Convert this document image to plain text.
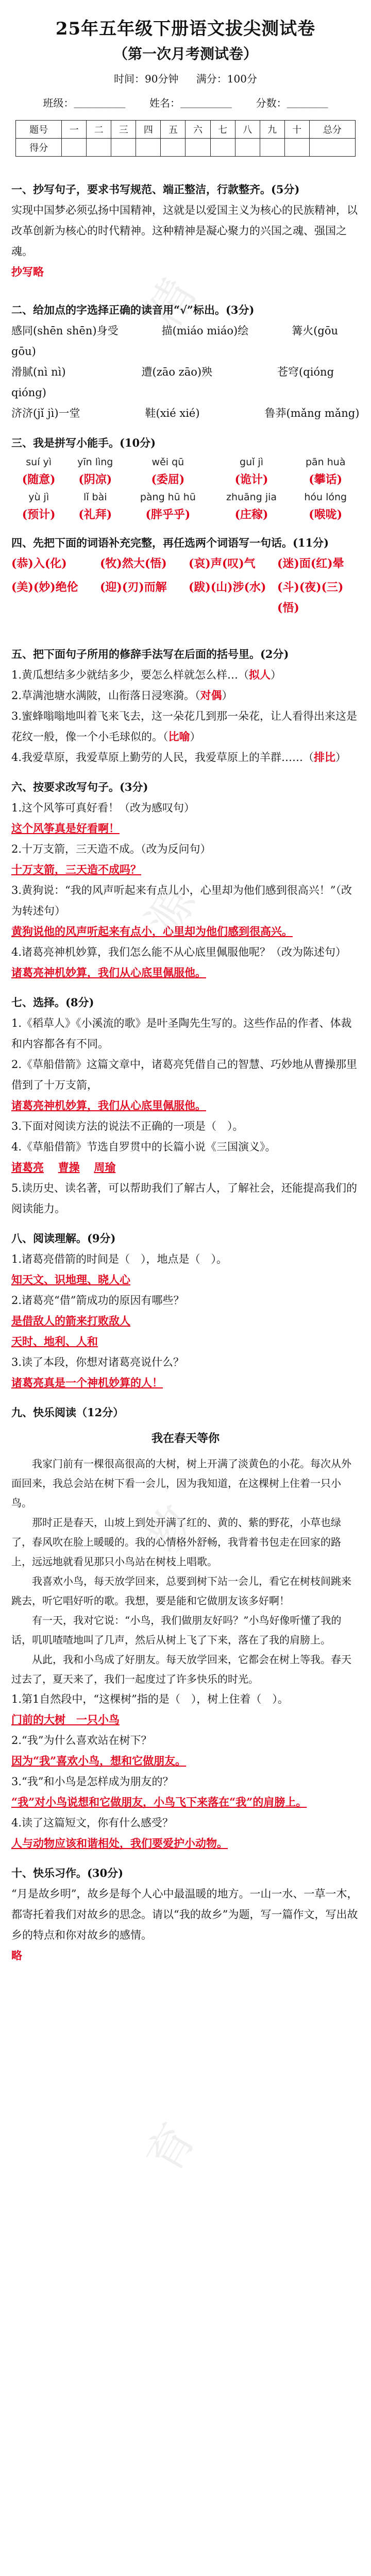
精
源
教
育
25年五年级下册语文拔尖测试卷
（第一次月考测试卷）
时间：90分钟 满分：100分
班级：＿＿＿＿＿ 姓名：＿＿＿＿＿ 分数：＿＿＿＿
题号	一	二	三	四	五	六	七	八	九	十	总分
得分											
一、抄写句子，要求书写规范、端正整洁，行款整齐。(5分)

实现中国梦必须弘扬中国精神，这就是以爱国主义为核心的民族精神，以改革创新为核心的时代精神。这种精神是凝心聚力的兴国之魂、强国之魂。

抄写略

二、给加点的字选择正确的读音用“√”标出。(3分)

感同(shēn shēn)身受　　　　描(miáo miáo)绘　　　　篝火(gōu gōu)

滑腻(nì nì)　　　　　　　遭(zāo zāo)殃　　　　　　苍穹(qióng qióng)

济济(jǐ jì)一堂　　　　　　鞋(xié xié)　　　　　　鲁莽(mǎng mǎng)

三、我是拼写小能手。(10分)
suí yì	yīn lìng	wěi qū	guǐ jì	pān huà
(随意)	(阴凉)	(委屈)	(诡计)	(攀话)
yù jì	lǐ bài	pàng hū hū	zhuāng jia	hóu lóng
(预计)	(礼拜)	(胖乎乎)	(庄稼)	(喉咙)
四、先把下面的词语补充完整，再任选两个词语写一句话。(11分)
(恭)入(化)	(牧)然大(悟)	(哀)声(叹)气	(迷)面(红)晕
(美)(妙)绝伦	(迎)(刃)而解	(跋)(山)涉(水) (斗)(夜)(三)(悟)
五、把下面句子所用的修辞手法写在后面的括号里。(2分)

1.黄瓜想结多少就结多少，要怎么样就怎么样…（拟人）

2.草满池塘水满陂，山衔落日浸寒漪。（对偶）

3.蜜蜂嗡嗡地叫着飞来飞去，这一朵花几到那一朵花，让人看得出来这是花纹一般，像一个小毛球似的。（比喻）

4.我爱草原，我爱草原上勤劳的人民，我爱草原上的羊群……（排比）

六、按要求改写句子。(3分)

1.这个风筝可真好看！（改为感叹句）

这个风筝真是好看啊！

2.十万支箭，三天造不成。（改为反问句）

十万支箭，三天造不成吗？

3.黄狗说：“我的风声听起来有点儿小，心里却为他们感到很高兴！”（改为转述句）

黄狗说他的风声听起来有点小，心里却为他们感到很高兴。

4.诸葛亮神机妙算，我们怎么能不从心底里佩服他呢？（改为陈述句）

诸葛亮神机妙算，我们从心底里佩服他。

七、选择。(8分)

1.《稻草人》《小溪流的歌》是叶圣陶先生写的。这些作品的作者、体裁和内容都各有不同。

2.《草船借箭》这篇文章中，诸葛亮凭借自己的智慧、巧妙地从曹操那里借到了十万支箭，

诸葛亮神机妙算，我们从心底里佩服他。

3.下面对阅读方法的说法不正确的一项是（　）。

4.《草船借箭》节选自罗贯中的长篇小说《三国演义》。

诸葛亮　 曹操　 周瑜

5.读历史、读名著，可以帮助我们了解古人，了解社会，还能提高我们的阅读能力。

八、阅读理解。(9分)

1.诸葛亮借箭的时间是（　），地点是（　）。

知天文、识地理、晓人心

2.诸葛亮“借”箭成功的原因有哪些？

是借敌人的箭来打败敌人

天时、地利、人和

3.读了本段，你想对诸葛亮说什么？

诸葛亮真是一个神机妙算的人！

九、快乐阅读（12分）
我在春天等你

我家门前有一棵很高很高的大树，树上开满了淡黄色的小花。每次从外面回来，我总会站在树下看一会儿，因为我知道，在这棵树上住着一只小鸟。

那时正是春天，山坡上到处开满了红的、黄的、紫的野花，小草也绿了，春风吹在脸上暖暖的。我的心情格外舒畅，我背着书包走在回家的路上，远远地就看见那只小鸟站在树枝上唱歌。

我喜欢小鸟，每天放学回来，总要到树下站一会儿，看它在树枝间跳来跳去，听它唱好听的歌。我想，要是能和它做朋友该多好啊！

有一天，我对它说：“小鸟，我们做朋友好吗？”小鸟好像听懂了我的话，叽叽喳喳地叫了几声，然后从树上飞了下来，落在了我的肩膀上。

从此，我和小鸟成了好朋友。每天放学回来，它都会在树上等我。春天过去了，夏天来了，我们一起度过了许多快乐的时光。

1.第1自然段中，“这棵树”指的是（　），树上住着（　）。

门前的大树　一只小鸟

2.“我”为什么喜欢站在树下？

因为“我”喜欢小鸟，想和它做朋友。

3.“我”和小鸟是怎样成为朋友的？

“我”对小鸟说想和它做朋友，小鸟飞下来落在“我”的肩膀上。

4.读了这篇短文，你有什么感受？

人与动物应该和谐相处，我们要爱护小动物。

十、快乐习作。(30分)

“月是故乡明”，故乡是每个人心中最温暖的地方。一山一水、一草一木，都寄托着我们对故乡的思念。请以“我的故乡”为题，写一篇作文，写出故乡的特点和你对故乡的感情。

略
